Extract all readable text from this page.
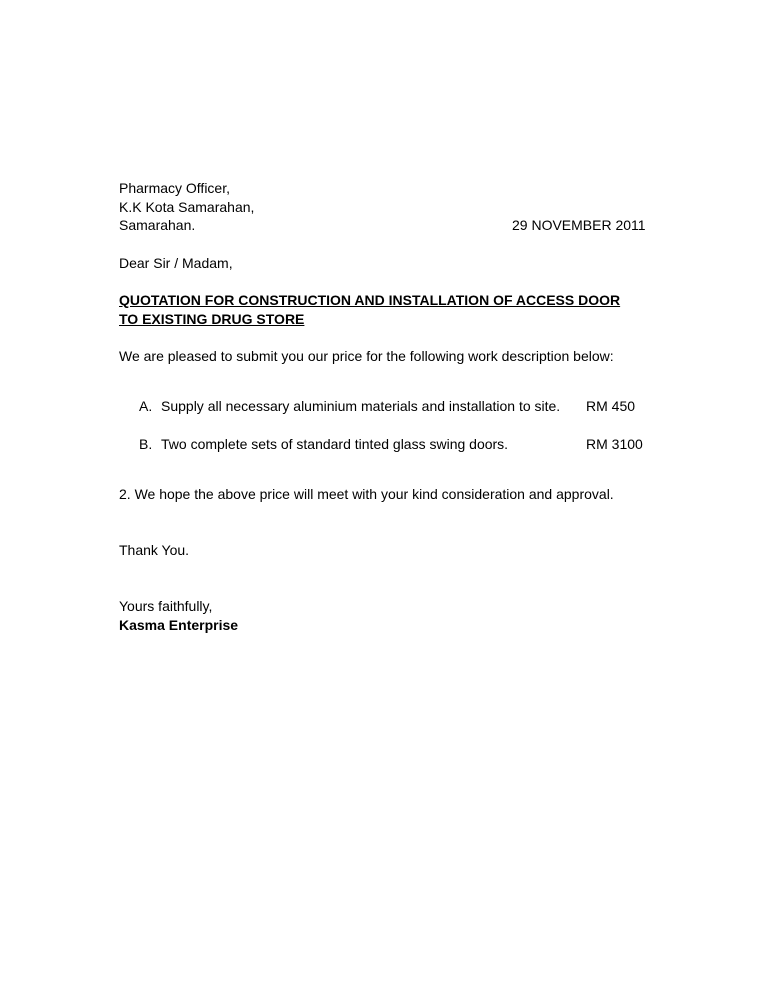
Pharmacy Officer,
K.K Kota Samarahan,
Samarahan.	29 NOVEMBER 2011
Dear Sir / Madam,
QUOTATION FOR CONSTRUCTION AND INSTALLATION OF ACCESS DOOR
TO EXISTING DRUG STORE
We are pleased to submit you our price for the following work description below:
A. Supply all necessary aluminium materials and installation to site. RM 450
B. Two complete sets of standard tinted glass swing doors.	RM 3100
2. We hope the above price will meet with your kind consideration and approval.
Thank You.
Yours faithfully,
Kasma Enterprise
